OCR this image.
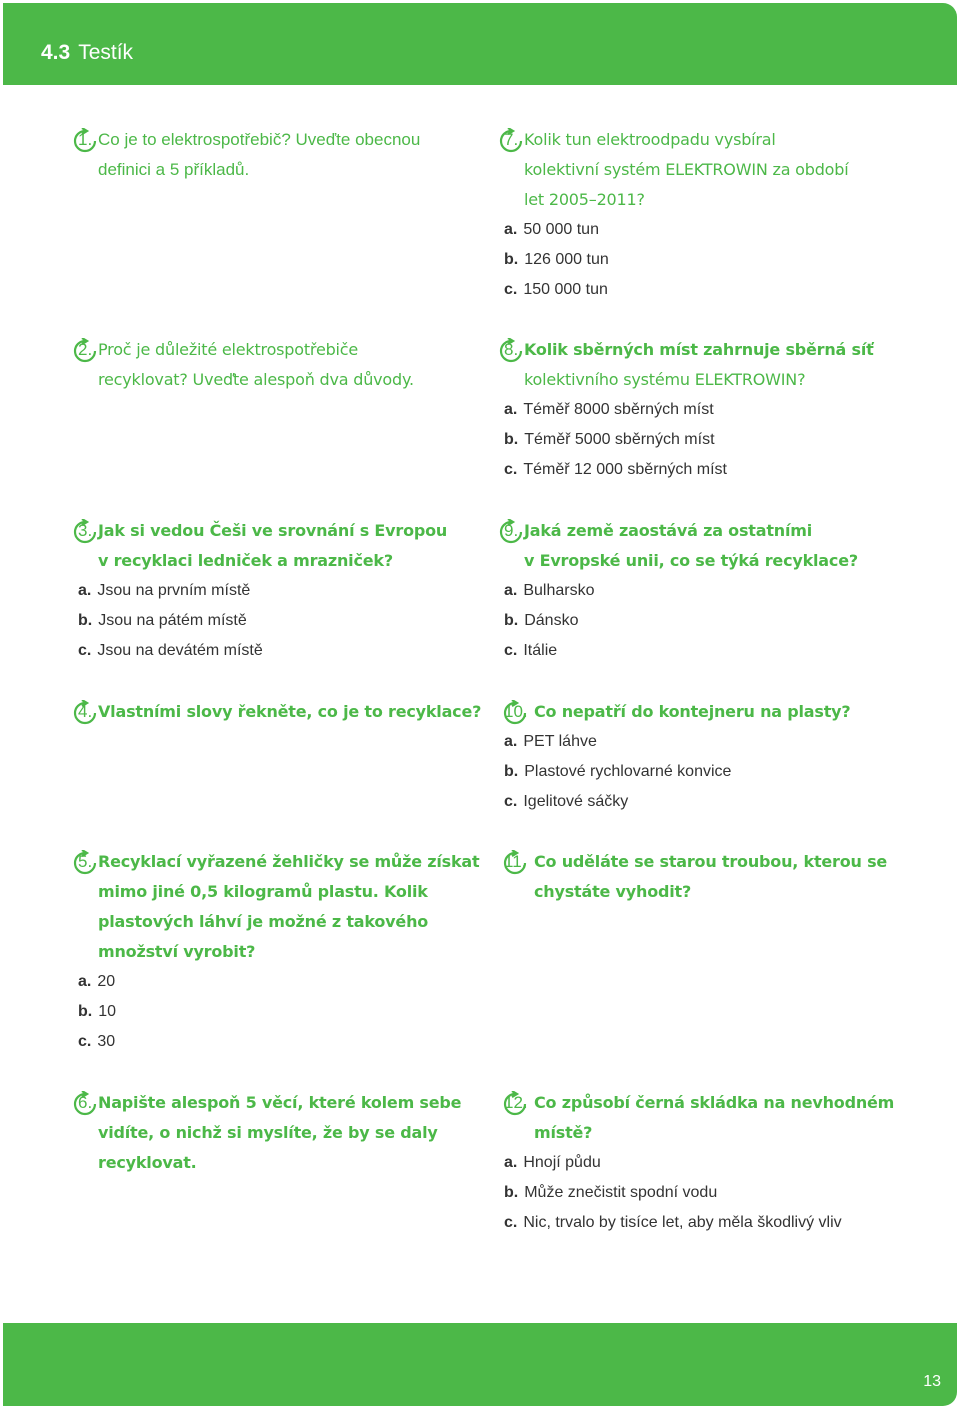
4.3 Testík
1. Co je to elektrospotřebič? Uveďte obecnou
definici a 5 příkladů.
2. Proč je důležité elektrospotřebiče
recyklovat? Uveďte alespoň dva důvody.
3. Jak si vedou Češi ve srovnání s Evropou
v recyklaci ledniček a mrazniček?
a. Jsou na prvním místě
b. Jsou na pátém místě
c. Jsou na devátém místě
4. Vlastními slovy řekněte, co je to recyklace?
5. Recyklací vyřazené žehličky se může získat
mimo jiné 0,5 kilogramů plastu. Kolik
plastových láhví je možné z takového
množství vyrobit?
a. 20
b. 10
c. 30
6. Napište alespoň 5 věcí, které kolem sebe
vidíte, o nichž si myslíte, že by se daly
recyklovat.
7. Kolik tun elektroodpadu vysbíral
kolektivní systém ELEKTROWIN za období
let 2005–2011?
a. 50 000 tun
b. 126 000 tun
c. 150 000 tun
8. Kolik sběrných míst zahrnuje sběrná síť
kolektivního systému ELEKTROWIN?
a. Téměř 8000 sběrných míst
b. Téměř 5000 sběrných míst
c. Téměř 12 000 sběrných míst
9. Jaká země zaostává za ostatními
v Evropské unii, co se týká recyklace?
a. Bulharsko
b. Dánsko
c. Itálie
10. Co nepatří do kontejneru na plasty?
a. PET láhve
b. Plastové rychlovarné konvice
c. Igelitové sáčky
11. Co uděláte se starou troubou, kterou se
chystáte vyhodit?
12. Co způsobí černá skládka na nevhodném
místě?
a. Hnojí půdu
b. Může znečistit spodní vodu
c. Nic, trvalo by tisíce let, aby měla škodlivý vliv
13
